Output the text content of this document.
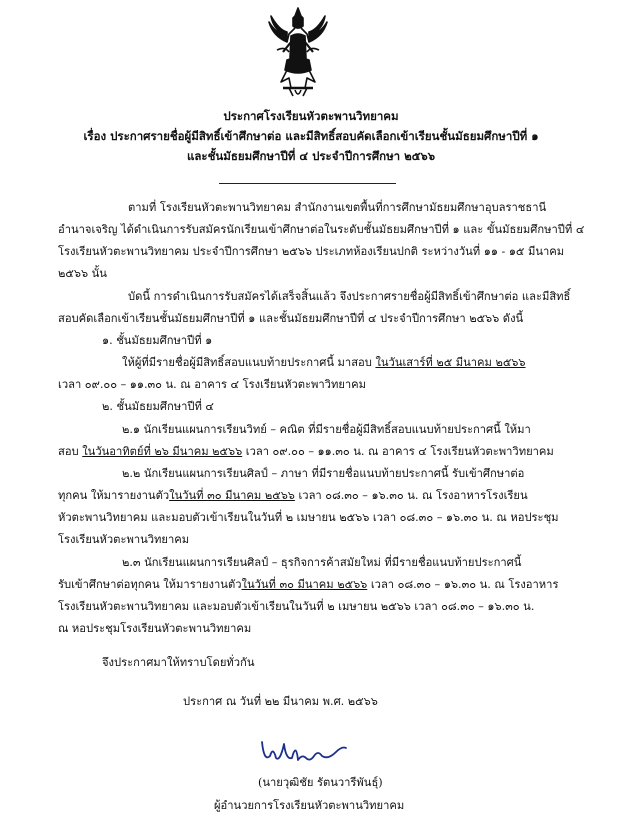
ประกาศโรงเรียนหัวตะพานวิทยาคม
เรื่อง ประกาศรายชื่อผู้มีสิทธิ์เข้าศึกษาต่อ และมีสิทธิ์สอบคัดเลือกเข้าเรียนชั้นมัธยมศึกษาปีที่ ๑
และชั้นมัธยมศึกษาปีที่ ๔ ประจำปีการศึกษา ๒๕๖๖
ตามที่ โรงเรียนหัวตะพานวิทยาคม สำนักงานเขตพื้นที่การศึกษามัธยมศึกษาอุบลราชธานี
อำนาจเจริญ ได้ดำเนินการรับสมัครนักเรียนเข้าศึกษาต่อในระดับชั้นมัธยมศึกษาปีที่ ๑ และ ขั้นมัธยมศึกษาปีที่ ๔
โรงเรียนหัวตะพานวิทยาคม ประจำปีการศึกษา ๒๕๖๖ ประเภทห้องเรียนปกติ ระหว่างวันที่ ๑๑ - ๑๕ มีนาคม
๒๕๖๖ นั้น
บัดนี้ การดำเนินการรับสมัครได้เสร็จสิ้นแล้ว จึงประกาศรายชื่อผู้มีสิทธิ์เข้าศึกษาต่อ และมีสิทธิ์
สอบคัดเลือกเข้าเรียนชั้นมัธยมศึกษาปีที่ ๑ และชั้นมัธยมศึกษาปีที่ ๔ ประจำปีการศึกษา ๒๕๖๖ ดังนี้
๑. ชั้นมัธยมศึกษาปีที่ ๑
ให้ผู้ที่มีรายชื่อผู้มีสิทธิ์สอบแนบท้ายประกาศนี้ มาสอบ ในวันเสาร์ที่ ๒๕ มีนาคม ๒๕๖๖
เวลา ๐๙.๐๐ – ๑๑.๓๐ น. ณ อาคาร ๔ โรงเรียนหัวตะพาวิทยาคม
๒. ชั้นมัธยมศึกษาปีที่ ๔
๒.๑ นักเรียนแผนการเรียนวิทย์ – คณิต ที่มีรายชื่อผู้มีสิทธิ์สอบแนบท้ายประกาศนี้ ให้มา
สอบ ในวันอาทิตย์ที่ ๒๖ มีนาคม ๒๕๖๖ เวลา ๐๙.๐๐ – ๑๑.๓๐ น. ณ อาคาร ๔ โรงเรียนหัวตะพาวิทยาคม
๒.๒ นักเรียนแผนการเรียนศิลป์ – ภาษา ที่มีรายชื่อแนบท้ายประกาศนี้ รับเข้าศึกษาต่อ
ทุกคน ให้มารายงานตัวในวันที่ ๓๐ มีนาคม ๒๕๖๖ เวลา ๐๘.๓๐ – ๑๖.๓๐ น. ณ โรงอาหารโรงเรียน
หัวตะพานวิทยาคม และมอบตัวเข้าเรียนในวันที่ ๒ เมษายน ๒๕๖๖ เวลา ๐๘.๓๐ – ๑๖.๓๐ น. ณ หอประชุม
โรงเรียนหัวตะพานวิทยาคม
๒.๓ นักเรียนแผนการเรียนศิลป์ – ธุรกิจการค้าสมัยใหม่ ที่มีรายชื่อแนบท้ายประกาศนี้
รับเข้าศึกษาต่อทุกคน ให้มารายงานตัวในวันที่ ๓๐ มีนาคม ๒๕๖๖ เวลา ๐๘.๓๐ – ๑๖.๓๐ น. ณ โรงอาหาร
โรงเรียนหัวตะพานวิทยาคม และมอบตัวเข้าเรียนในวันที่ ๒ เมษายน ๒๕๖๖ เวลา ๐๘.๓๐ – ๑๖.๓๐ น.
ณ หอประชุมโรงเรียนหัวตะพานวิทยาคม
จึงประกาศมาให้ทราบโดยทั่วกัน
ประกาศ ณ วันที่ ๒๒ มีนาคม พ.ศ. ๒๕๖๖
(นายวุฒิชัย รัตนวารีพันธุ์)
ผู้อำนวยการโรงเรียนหัวตะพานวิทยาคม
